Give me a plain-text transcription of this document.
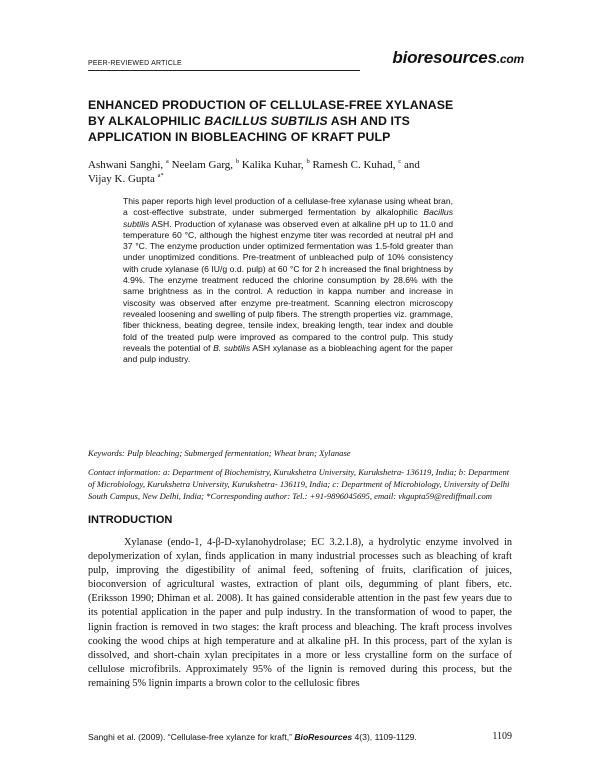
PEER-REVIEWED ARTICLE	bioresources.com
ENHANCED PRODUCTION OF CELLULASE-FREE XYLANASE
BY ALKALOPHILIC BACILLUS SUBTILIS ASH AND ITS
APPLICATION IN BIOBLEACHING OF KRAFT PULP
Ashwani Sanghi, $^a$ Neelam Garg, $^b$ Kalika Kuhar, $^b$ Ramesh C. Kuhad, $^c$ and
Vijay K. Gupta $^{a*}$
This paper reports high level production of a cellulase-free xylanase using wheat bran, a cost-effective substrate, under submerged fermentation by alkalophilic Bacillus subtilis ASH. Production of xylanase was observed even at alkaline pH up to 11.0 and temperature 60 °C, although the highest enzyme titer was recorded at neutral pH and 37 °C. The enzyme production under optimized fermentation was 1.5-fold greater than under unoptimized conditions. Pre-treatment of unbleached pulp of 10% consistency with crude xylanase (6 IU/g o.d. pulp) at 60 °C for 2 h increased the final brightness by 4.9%. The enzyme treatment reduced the chlorine consumption by 28.6% with the same brightness as in the control. A reduction in kappa number and increase in viscosity was observed after enzyme pre-treatment. Scanning electron microscopy revealed loosening and swelling of pulp fibers. The strength properties viz. grammage, fiber thickness, beating degree, tensile index, breaking length, tear index and double fold of the treated pulp were improved as compared to the control pulp. This study reveals the potential of B. subtilis ASH xylanase as a biobleaching agent for the paper and pulp industry.
Keywords: Pulp bleaching; Submerged fermentation; Wheat bran; Xylanase
Contact information: a: Department of Biochemistry, Kurukshetra University, Kurukshetra- 136119, India; b: Department of Microbiology, Kurukshetra University, Kurukshetra- 136119, India; c: Department of Microbiology, University of Delhi South Campus, New Delhi, India; *Corresponding author: Tel.: +91-9896045695, email: vkgupta59@rediffmail.com
INTRODUCTION
Xylanase (endo-1, 4-β-D-xylanohydrolase; EC 3.2.1.8), a hydrolytic enzyme involved in depolymerization of xylan, finds application in many industrial processes such as bleaching of kraft pulp, improving the digestibility of animal feed, softening of fruits, clarification of juices, bioconversion of agricultural wastes, extraction of plant oils, degumming of plant fibers, etc. (Eriksson 1990; Dhiman et al. 2008). It has gained considerable attention in the past few years due to its potential application in the paper and pulp industry. In the transformation of wood to paper, the lignin fraction is removed in two stages: the kraft process and bleaching. The kraft process involves cooking the wood chips at high temperature and at alkaline pH. In this process, part of the xylan is dissolved, and short-chain xylan precipitates in a more or less crystalline form on the surface of cellulose microfibrils. Approximately 95% of the lignin is removed during this process, but the remaining 5% lignin imparts a brown color to the cellulosic fibres
Sanghi et al. (2009). “Cellulase-free xylanze for kraft,” BioResources 4(3), 1109-1129.	1109
